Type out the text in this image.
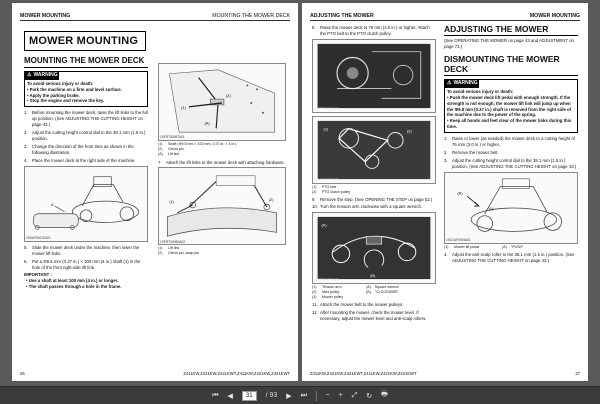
MOWER MOUNTING	MOUNTING THE MOWER DECK
MOWER MOUNTING
MOUNTING THE MOWER DECK
⚠ WARNING
To avoid serious injury or death:
• Park the machine on a firm and level surface.
• Apply the parking brake.
• Stop the engine and remove the key.
1.	Before mounting the mower deck, raise the lift links to the full up position. (See ADJUSTING THE CUTTING HEIGHT on page 43.)
2.	Adjust the cutting height control dial to the 38.1 mm (1.5 in.) position.
3.	Change the direction of the front tires as shown in the following illustration.
4.	Place the mower deck at the right side of the machine.
A
1SVAF0001EA01
5.	Slide the mower deck under the machine, then lower the mower lift links.
6.	Put a Φ9.5 mm (0.37 in.) × 100 mm (4 in.) shaft (1) in the hole of the front right-side lift link.
IMPORTANT :
• Use a shaft at least 100 mm (4 in.) or longer.
• The shaft passes through a hole in the frame.
(1)
(2)
(A)
1SFRT0008TA01
(1)	Shaft (Φ9.5 mm × 100 mm, 0.37 in. × 4 in.)
(2)	Clevis pin
(A)	Lift link
7.	Attach the lift links to the mower deck with attaching hardware.
(1)	(2)
1SFRT0006DA02
(1)	Lift link
(2)	Clevis pin, snap pin
26	Z411KW,Z421KW,Z421KWT,Z411KW,Z421KW,Z421KWT
ADJUSTING THE MOWER	MOWER MOUNTING
8.	Raise the mower deck to 76 mm (3.0 in.) or higher. Attach the PTO belt to the PTO clutch pulley.
1SFRT0016EA01
(1)	(2)
1SVAF0020EA01
(1)	PTO belt
(2)	PTO clutch pulley
9.	Remove the step. (See OPENING THE STEP on page 52.)
10. Turn the tension arm clockwise with a square wrench.
(A)
(B)
1SFRT0012EA01
(1)	Tension arm	(A) Square wrench
(2)	Idler pulley	(B) "CLOCKWISE"
(3)	Mower pulley
11. Attach the mower belt to the mower pulleys.
12. After mounting the mower, check the mower level. If necessary, adjust the mower level and anti-scalp rollers.
ADJUSTING THE MOWER
(See OPERATING THE MOWER on page 43 and ADJUSTMENT on page 73.)
DISMOUNTING THE MOWER DECK
⚠ WARNING
To avoid serious injury or death:
• Push the mower deck lift pedal with enough strength. If the strength is not enough, the mower lift link will jump up when the Φ9.5 mm (0.37 in.) shaft is removed from the right side of the machine due to the power of the spring.
• Keep all hands and feet clear of the mower links during this time.
1.	Raise or lower (as needed) the mower deck to a cutting height of 76 mm (3.0 in.) or higher.
2.	Remove the mower belt.
3.	Adjust the cutting height control dial to the 38.1 mm (1.5 in.) position. (See ADJUSTING THE CUTTING HEIGHT on page 43.)
(A)
(1)
1SGJAF0004A01
(1)	Mower lift pedal	(A) "PUSH"
4.	Adjust the anti-scalp roller to the 38.1 mm (1.5 in.) position. (See ADJUSTING THE CUTTING HEIGHT on page 43.)
Z411KW,Z421KW,Z421KWT,Z411KW,Z421KW,Z421KWT	27
⏮ ◀	31	/ 93 ▶ ⏭	− + ⤢ ↻ 🖶
